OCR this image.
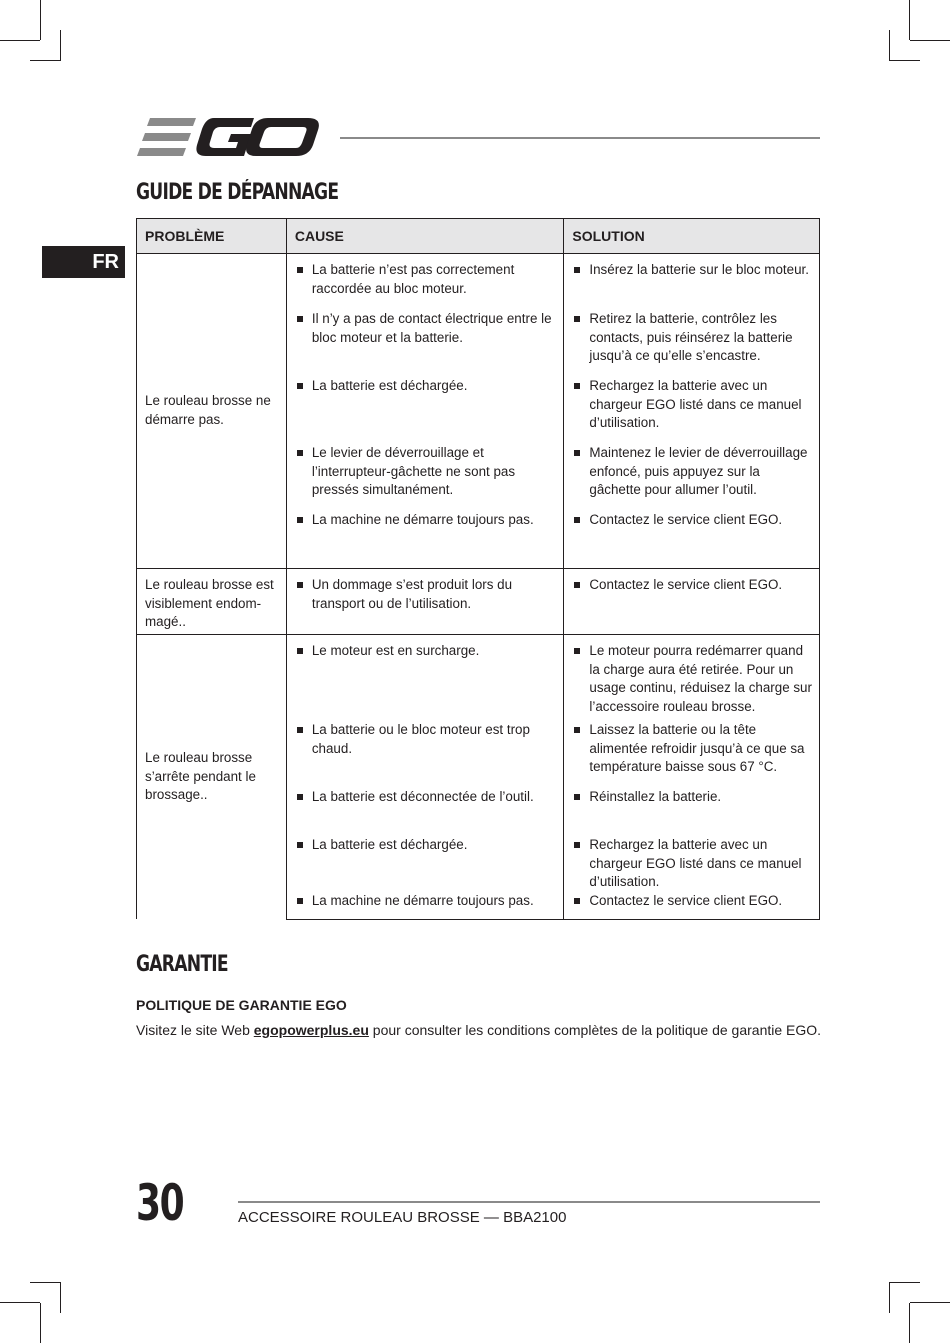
FR
GUIDE DE DÉPANNAGE
PROBLÈME	CAUSE	SOLUTION
Le rouleau brosse ne démarre pas.	La batterie n’est pas correctement raccordée au bloc moteur.	Insérez la batterie sur le bloc moteur.

	Il n’y a pas de contact électrique entre le bloc moteur et la batterie.	Retirez la batterie, contrôlez les contacts, puis réinsérez la batterie jusqu’à ce qu’elle s’encastre.

	La batterie est déchargée.	Rechargez la batterie avec un chargeur EGO listé dans ce manuel d’utilisation.

	Le levier de déverrouillage et l’interrupteur-gâchette ne sont pas pressés simultanément.	Maintenez le levier de déverrouillage enfoncé, puis appuyez sur la gâchette pour allumer l’outil.

	La machine ne démarre toujours pas.	Contactez le service client EGO.

Le rouleau brosse est visiblement endom-magé..	Un dommage s’est produit lors du transport ou de l’utilisation.	Contactez le service client EGO.

Le rouleau brosse s’arrête pendant le brossage..	Le moteur est en surcharge.	Le moteur pourra redémarrer quand la charge aura été retirée. Pour un usage continu, réduisez la charge sur l’accessoire rouleau brosse.

	La batterie ou le bloc moteur est trop chaud.	Laissez la batterie ou la tête alimentée refroidir jusqu’à ce que sa température baisse sous 67 °C.

	La batterie est déconnectée de l’outil.	Réinstallez la batterie.

	La batterie est déchargée.	Rechargez la batterie avec un chargeur EGO listé dans ce manuel d’utilisation.

	La machine ne démarre toujours pas.	Contactez le service client EGO.
GARANTIE

POLITIQUE DE GARANTIE EGO

Visitez le site Web egopowerplus.eu pour consulter les conditions complètes de la politique de garantie EGO.

30	ACCESSOIRE ROULEAU BROSSE — BBA2100
